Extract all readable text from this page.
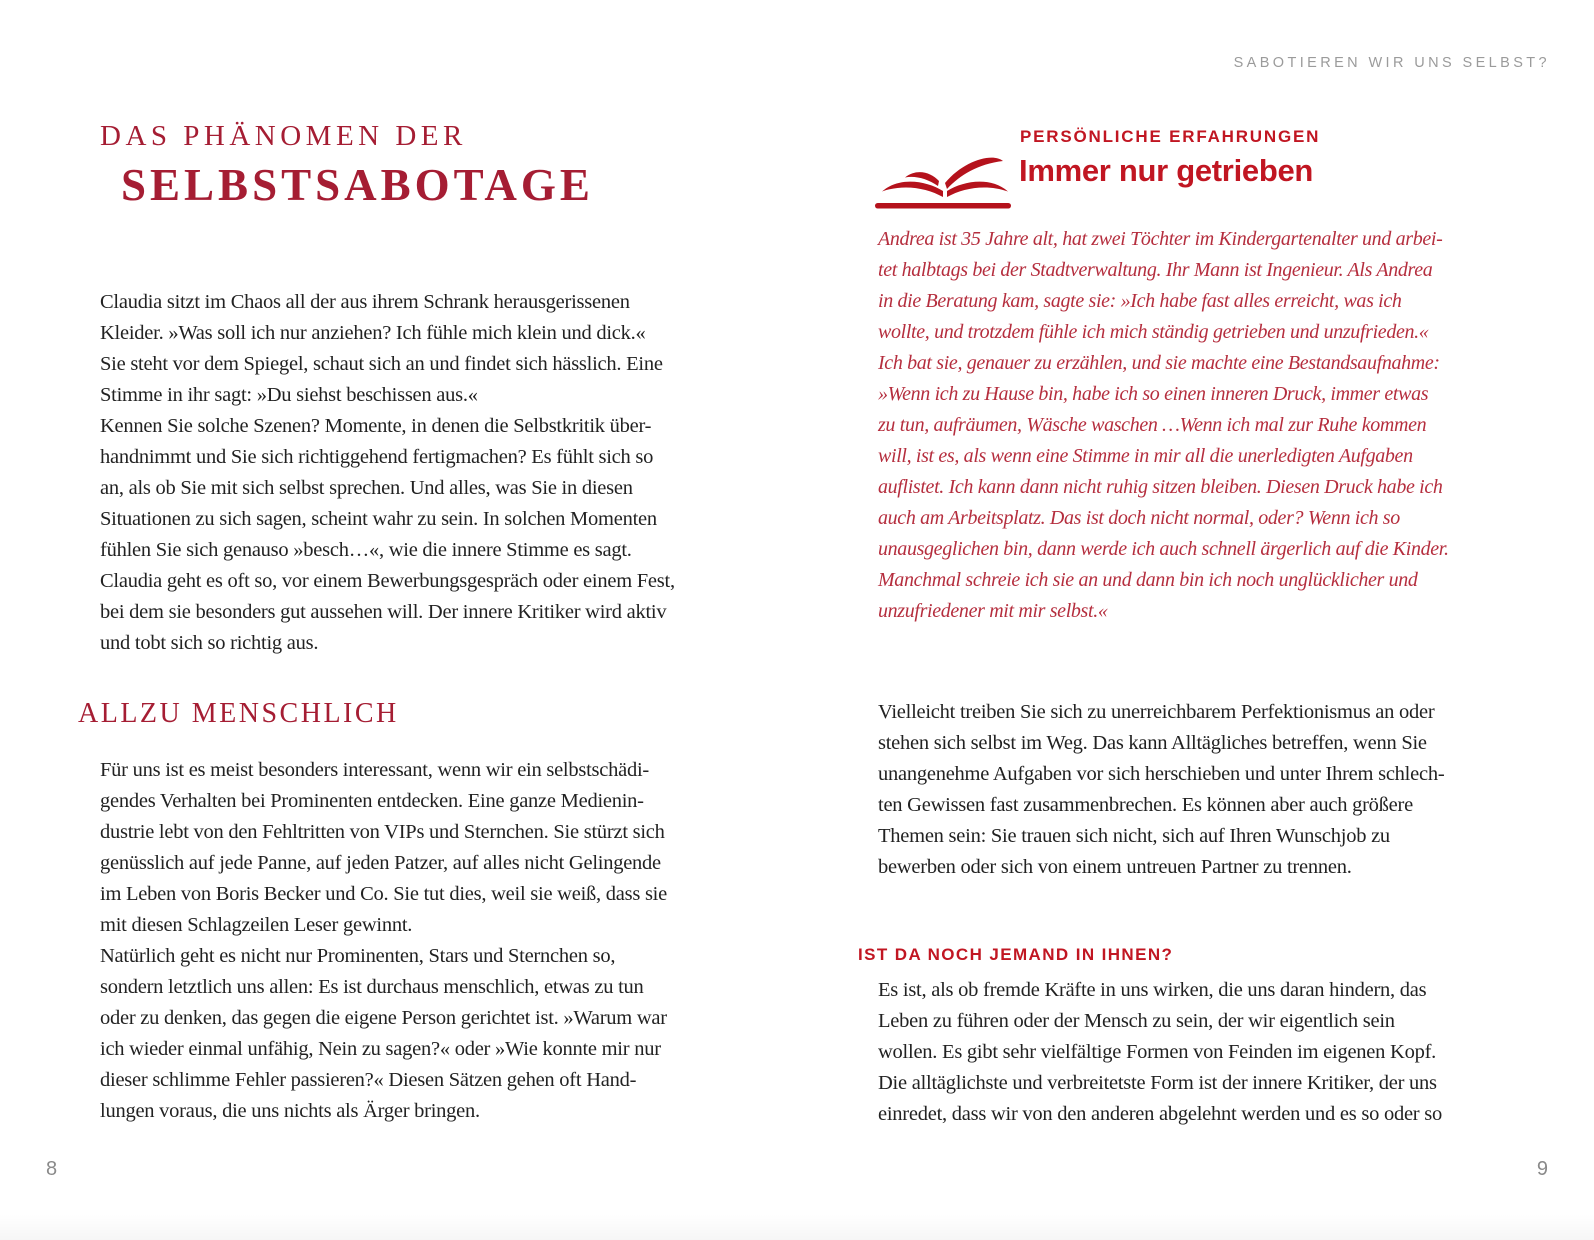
DAS PHÄNOMEN DER
SELBSTSABOTAGE
Claudia sitzt im Chaos all der aus ihrem Schrank herausgerissenen
Kleider. »Was soll ich nur anziehen? Ich fühle mich klein und dick.«
Sie steht vor dem Spiegel, schaut sich an und findet sich hässlich. Eine
Stimme in ihr sagt: »Du siehst beschissen aus.«
Kennen Sie solche Szenen? Momente, in denen die Selbstkritik über-
handnimmt und Sie sich richtiggehend fertigmachen? Es fühlt sich so
an, als ob Sie mit sich selbst sprechen. Und alles, was Sie in diesen
Situationen zu sich sagen, scheint wahr zu sein. In solchen Momenten
fühlen Sie sich genauso »besch…«, wie die innere Stimme es sagt.
Claudia geht es oft so, vor einem Bewerbungsgespräch oder einem Fest,
bei dem sie besonders gut aussehen will. Der innere Kritiker wird aktiv
und tobt sich so richtig aus.
ALLZU MENSCHLICH
Für uns ist es meist besonders interessant, wenn wir ein selbstschädi-
gendes Verhalten bei Prominenten entdecken. Eine ganze Medienin-
dustrie lebt von den Fehltritten von VIPs und Sternchen. Sie stürzt sich
genüsslich auf jede Panne, auf jeden Patzer, auf alles nicht Gelingende
im Leben von Boris Becker und Co. Sie tut dies, weil sie weiß, dass sie
mit diesen Schlagzeilen Leser gewinnt.
Natürlich geht es nicht nur Prominenten, Stars und Sternchen so,
sondern letztlich uns allen: Es ist durchaus menschlich, etwas zu tun
oder zu denken, das gegen die eigene Person gerichtet ist. »Warum war
ich wieder einmal unfähig, Nein zu sagen?« oder »Wie konnte mir nur
dieser schlimme Fehler passieren?« Diesen Sätzen gehen oft Hand-
lungen voraus, die uns nichts als Ärger bringen.
8
SABOTIEREN WIR UNS SELBST?
PERSÖNLICHE ERFAHRUNGEN
Immer nur getrieben
Andrea ist 35 Jahre alt, hat zwei Töchter im Kindergartenalter und arbei-
tet halbtags bei der Stadtverwaltung. Ihr Mann ist Ingenieur. Als Andrea
in die Beratung kam, sagte sie: »Ich habe fast alles erreicht, was ich
wollte, und trotzdem fühle ich mich ständig getrieben und unzufrieden.«
Ich bat sie, genauer zu erzählen, und sie machte eine Bestandsaufnahme:
»Wenn ich zu Hause bin, habe ich so einen inneren Druck, immer etwas
zu tun, aufräumen, Wäsche waschen …Wenn ich mal zur Ruhe kommen
will, ist es, als wenn eine Stimme in mir all die unerledigten Aufgaben
auflistet. Ich kann dann nicht ruhig sitzen bleiben. Diesen Druck habe ich
auch am Arbeitsplatz. Das ist doch nicht normal, oder? Wenn ich so
unausgeglichen bin, dann werde ich auch schnell ärgerlich auf die Kinder.
Manchmal schreie ich sie an und dann bin ich noch unglücklicher und
unzufriedener mit mir selbst.«
Vielleicht treiben Sie sich zu unerreichbarem Perfektionismus an oder
stehen sich selbst im Weg. Das kann Alltägliches betreffen, wenn Sie
unangenehme Aufgaben vor sich herschieben und unter Ihrem schlech-
ten Gewissen fast zusammenbrechen. Es können aber auch größere
Themen sein: Sie trauen sich nicht, sich auf Ihren Wunschjob zu
bewerben oder sich von einem untreuen Partner zu trennen.
IST DA NOCH JEMAND IN IHNEN?
Es ist, als ob fremde Kräfte in uns wirken, die uns daran hindern, das
Leben zu führen oder der Mensch zu sein, der wir eigentlich sein
wollen. Es gibt sehr vielfältige Formen von Feinden im eigenen Kopf.
Die alltäglichste und verbreitetste Form ist der innere Kritiker, der uns
einredet, dass wir von den anderen abgelehnt werden und es so oder so
9
